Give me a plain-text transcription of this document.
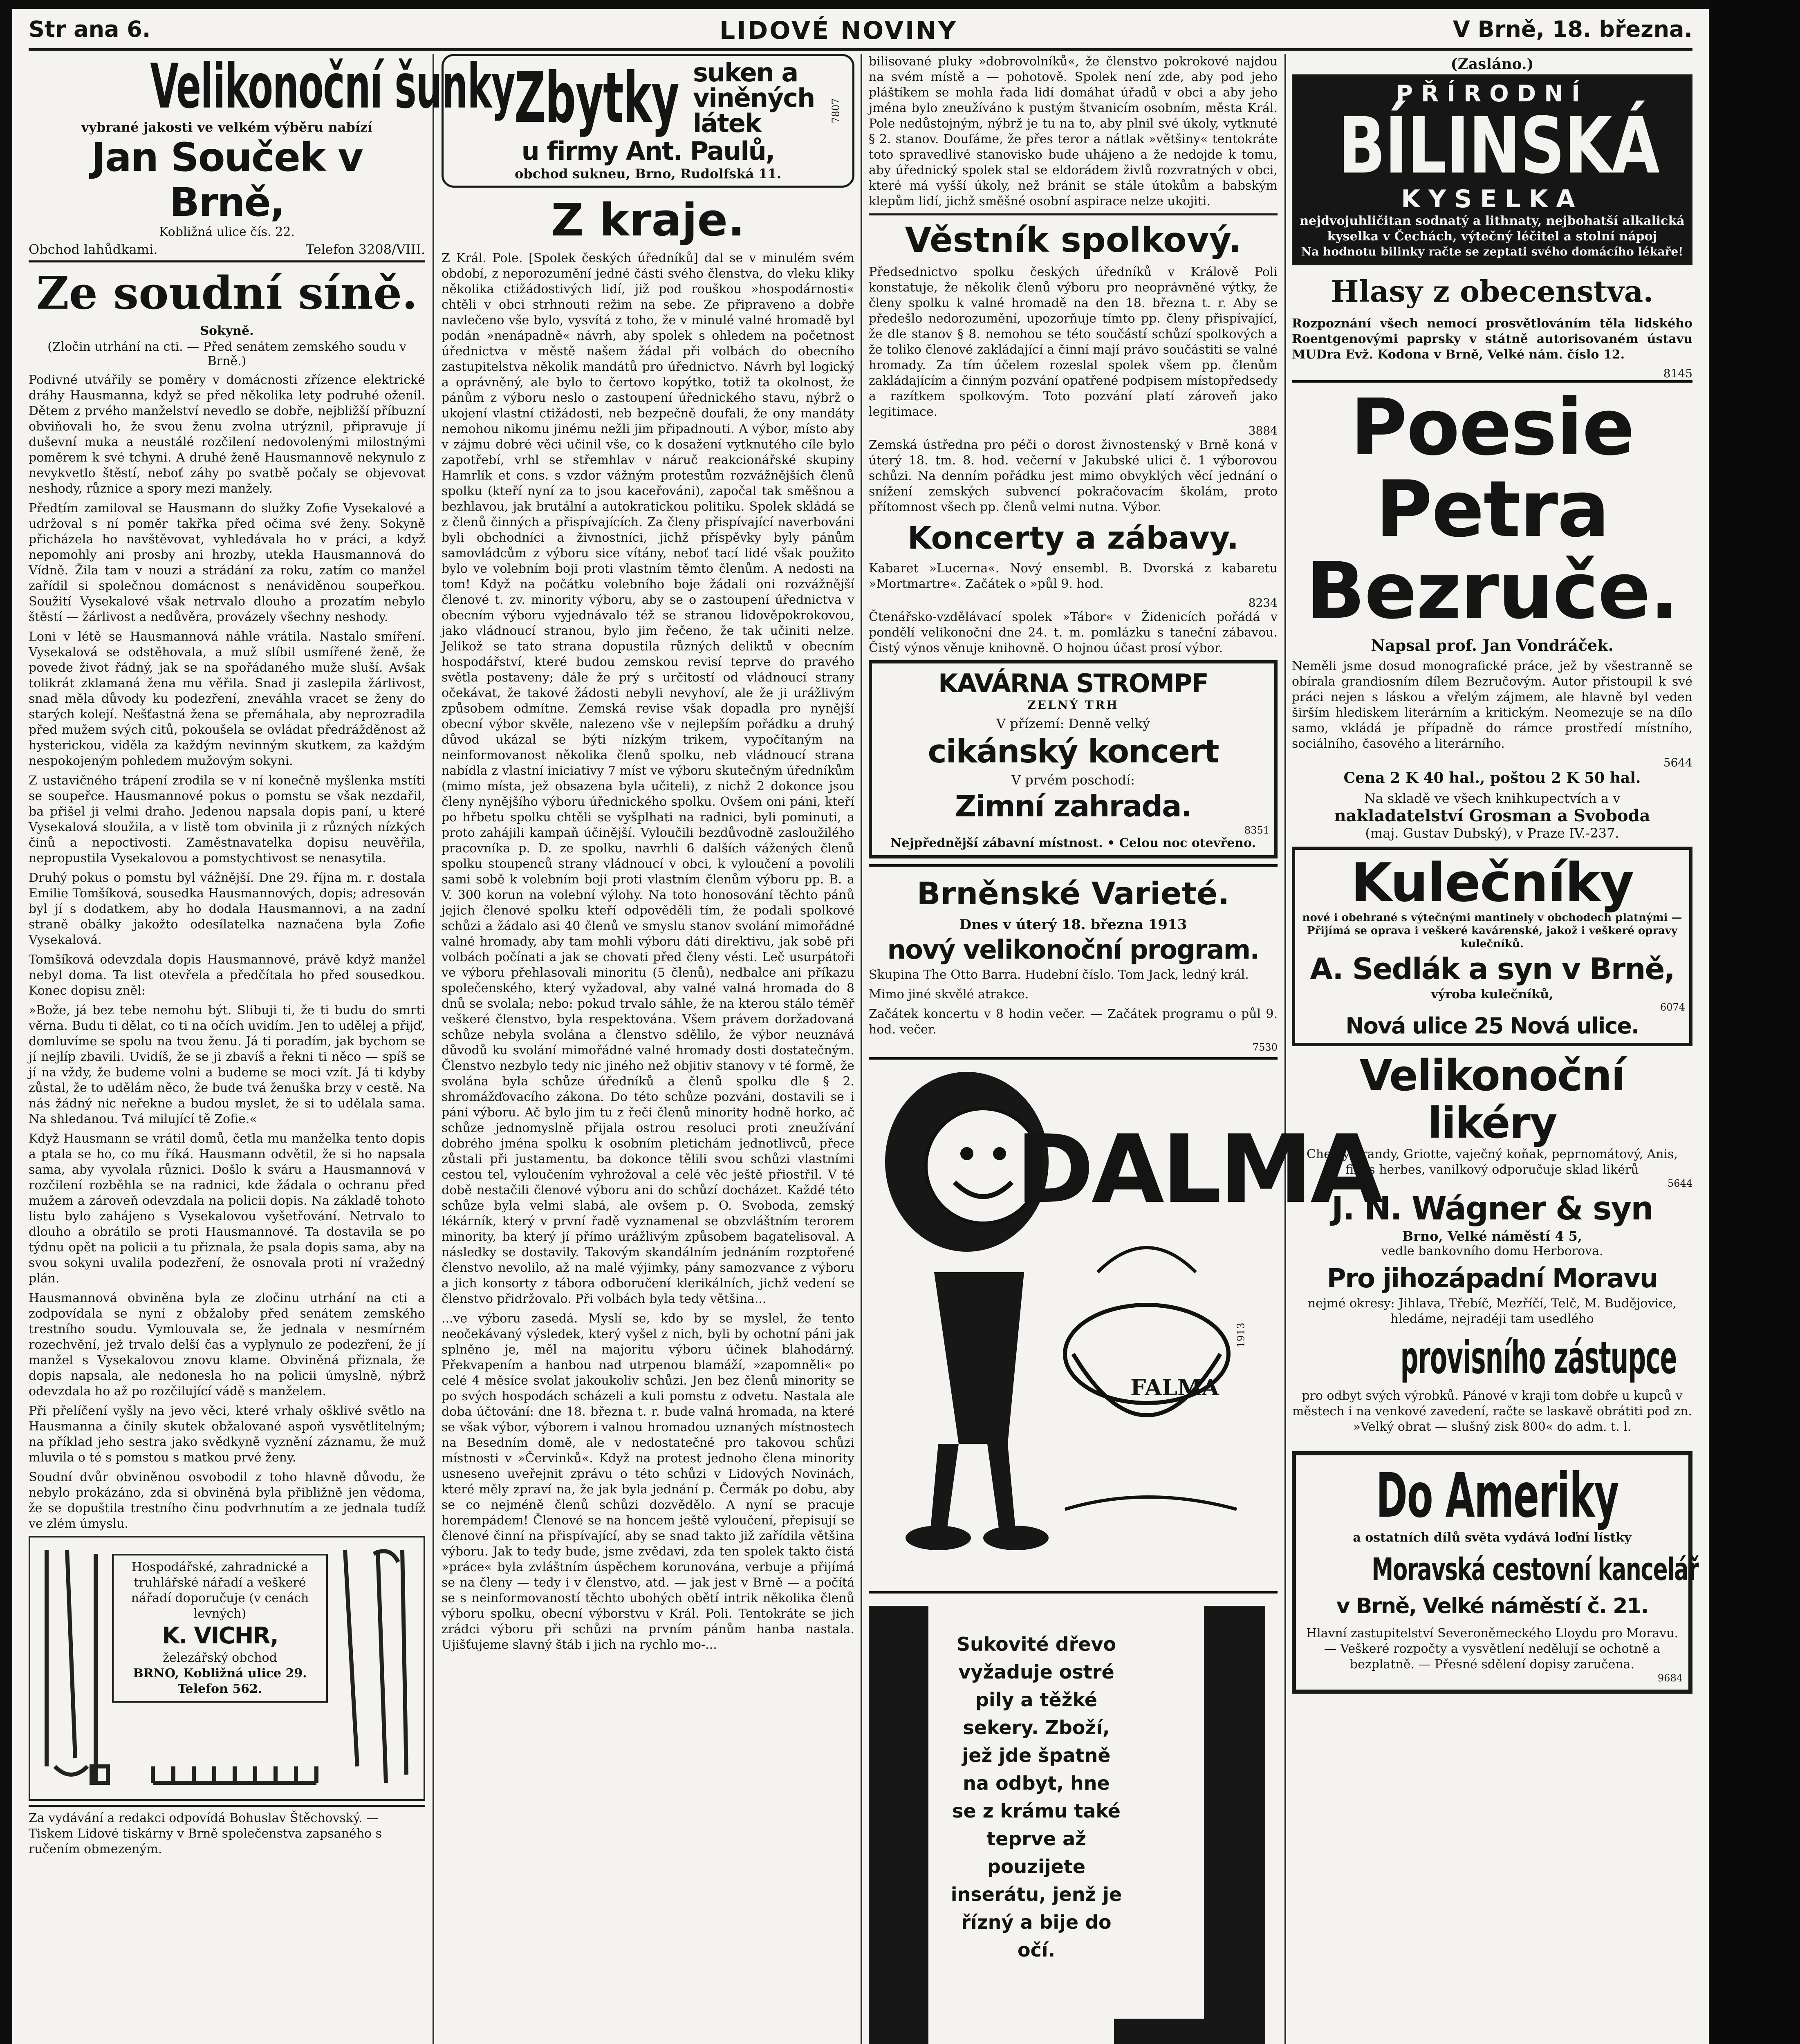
Str ana 6.	LIDOVÉ NOVINY	V Brně, 18. března.
Velikonoční šunky
vybrané jakosti ve velkém výběru nabízí
Jan Souček v Brně,
Kobližná ulice čís. 22.
Obchod lahůdkami.	Telefon 3208/VIII.
Ze soudní síně.
Sokyně.
(Zločin utrhání na cti. — Před senátem zemského soudu v Brně.)

Podivné utvářily se poměry v domácnosti zřízence elektrické dráhy Hausmanna, když se před několika lety podruhé oženil. Dětem z prvého manželství nevedlo se dobře, nejbližší příbuzní obviňovali ho, že svou ženu zvolna utrýznil, připravuje jí duševní muka a neustálé rozčilení nedovolenými milostnými poměrem k své tchyni. A druhé ženě Hausmannově nekynulo z nevykvetlo štěstí, neboť záhy po svatbě počaly se objevovat neshody, různice a spory mezi manžely.

Předtím zamiloval se Hausmann do služky Zofie Vysekalové a udržoval s ní poměr takřka před očima své ženy. Sokyně přicházela ho navštěvovat, vyhledávala ho v práci, a když nepomohly ani prosby ani hrozby, utekla Hausmannová do Vídně. Žila tam v nouzi a strádání za roku, zatím co manžel zařídil si společnou domácnost s nenáviděnou soupeřkou. Soužití Vysekalové však netrvalo dlouho a prozatím nebylo štěstí — žárlivost a nedůvěra, provázely všechny neshody.

Loni v létě se Hausmannová náhle vrátila. Nastalo smíření. Vysekalová se odstěhovala, a muž slíbil usmířené ženě, že povede život řádný, jak se na spořádaného muže sluší. Avšak tolikrát zklamaná žena mu věřila. Snad ji zaslepila žárlivost, snad měla důvody ku podezření, zneváhla vracet se ženy do starých kolejí. Nešťastná žena se přemáhala, aby neprozradila před mužem svých citů, pokoušela se ovládat předrážděnost až hysterickou, viděla za každým nevinným skutkem, za každým nespokojeným pohledem mužovým sokyni.

Z ustavičného trápení zrodila se v ní konečně myšlenka mstíti se soupeřce. Hausmannové pokus o pomstu se však nezdařil, ba přišel ji velmi draho. Jedenou napsala dopis paní, u které Vysekalová sloužila, a v listě tom obvinila ji z různých nízkých činů a nepoctivosti. Zaměstnavatelka dopisu neuvěřila, nepropustila Vysekalovou a pomstychtivost se nenasytila.

Druhý pokus o pomstu byl vážnější. Dne 29. října m. r. dostala Emilie Tomšíková, sousedka Hausmannových, dopis; adresován byl jí s dodatkem, aby ho dodala Hausmannovi, a na zadní straně obálky jakožto odesílatelka naznačena byla Zofie Vysekalová.

Tomšíková odevzdala dopis Hausmannové, právě když manžel nebyl doma. Ta list otevřela a předčítala ho před sousedkou. Konec dopisu zněl:

»Bože, já bez tebe nemohu být. Slibuji ti, že ti budu do smrti věrna. Budu ti dělat, co ti na očích uvidím. Jen to udělej a přijď, domluvíme se spolu na tvou ženu. Já ti poradím, jak bychom se jí nejlíp zbavili. Uvidíš, že se ji zbavíš a řekni ti něco — spíš se jí na vždy, že budeme volni a budeme se moci vzít. Já ti kdyby zůstal, že to udělám něco, že bude tvá ženuška brzy v cestě. Na nás žádný nic neřekne a budou myslet, že si to udělala sama. Na shledanou. Tvá milující tě Zofie.«

Když Hausmann se vrátil domů, četla mu manželka tento dopis a ptala se ho, co mu říká. Hausmann odvětil, že si ho napsala sama, aby vyvolala různici. Došlo k sváru a Hausmannová v rozčilení rozběhla se na radnici, kde žádala o ochranu před mužem a zároveň odevzdala na policii dopis. Na základě tohoto listu bylo zahájeno s Vysekalovou vyšetřování. Netrvalo to dlouho a obrátilo se proti Hausmannové. Ta dostavila se po týdnu opět na policii a tu přiznala, že psala dopis sama, aby na svou sokyni uvalila podezření, že osnovala proti ní vražedný plán.

Hausmannová obviněna byla ze zločinu utrhání na cti a zodpovídala se nyní z obžaloby před senátem zemského trestního soudu. Vymlouvala se, že jednala v nesmírném rozechvění, jež trvalo delší čas a vyplynulo ze podezření, že jí manžel s Vysekalovou znovu klame. Obviněná přiznala, že dopis napsala, ale nedonesla ho na policii úmyslně, nýbrž odevzdala ho až po rozčilující vádě s manželem.

Při přelíčení vyšly na jevo věci, které vrhaly ošklivé světlo na Hausmanna a činily skutek obžalované aspoň vysvětlitelným; na příklad jeho sestra jako svědkyně vyznění záznamu, že muž mluvila o té s pomstou s matkou prvé ženy.

Soudní dvůr obviněnou osvobodil z toho hlavně důvodu, že nebylo prokázáno, zda si obviněná byla přibližně jen vědoma, že se dopuštila trestního činu podvrhnutím a ze jednala tudíž ve zlém úmyslu.

Hospodářské, zahradnické a truhlářské nářadí a veškeré nářadí doporučuje (v cenách levných)
K. VICHR,
železářský obchod
BRNO, Kobližná ulice 29.
Telefon 562.
Za vydávání a redakci odpovídá Bohuslav Štěchovský. — Tiskem Lidové tiskárny v Brně společenstva zapsaného s ručením obmezeným.
Zbytky suken a viněných látek
u firmy Ant. Paulů,
obchod sukneu, Brno, Rudolfská 11.
7807
Z kraje.

Z Král. Pole. [Spolek českých úředníků] dal se v minulém svém období, z neporozumění jedné části svého členstva, do vleku kliky několika ctižádostivých lidí, již pod rouškou »hospodárnosti« chtěli v obci strhnouti režim na sebe. Ze připraveno a dobře navlečeno vše bylo, vysvítá z toho, že v minulé valné hromadě byl podán »nenápadně« návrh, aby spolek s ohledem na početnost úřednictva v městě našem žádal při volbách do obecního zastupitelstva několik mandátů pro úřednictvo. Návrh byl logický a oprávněný, ale bylo to čertovo kopýtko, totiž ta okolnost, že pánům z výboru neslo o zastoupení úřednického stavu, nýbrž o ukojení vlastní ctižádosti, neb bezpečně doufali, že ony mandáty nemohou nikomu jinému nežli jim připadnouti. A výbor, místo aby v zájmu dobré věci učinil vše, co k dosažení vytknutého cíle bylo zapotřebí, vrhl se střemhlav v náruč reakcionářské skupiny Hamrlík et cons. s vzdor vážným protestům rozvážnějších členů spolku (kteří nyní za to jsou kaceřováni), započal tak směšnou a bezhlavou, jak brutální a autokratickou politiku. Spolek skládá se z členů činných a přispívajících. Za členy přispívající naverbováni byli obchodníci a živnostníci, jichž příspěvky byly pánům samovládcům z výboru sice vítány, neboť tací lidé však použito bylo ve volebním boji proti vlastním těmto členům. A nedosti na tom! Když na počátku volebního boje žádali oni rozvážnější členové t. zv. minority výboru, aby se o zastoupení úřednictva v obecním výboru vyjednávalo též se stranou lidověpokrokovou, jako vládnoucí stranou, bylo jim řečeno, že tak učiniti nelze. Jelikož se tato strana dopustila různých deliktů v obecním hospodářství, které budou zemskou revisí teprve do pravého světla postaveny; dále že prý s určitostí od vládnoucí strany očekávat, že takové žádosti nebyli nevyhoví, ale že ji urážlivým způsobem odmítne. Zemská revise však dopadla pro nynější obecní výbor skvěle, nalezeno vše v nejlepším pořádku a druhý důvod ukázal se býti nízkým trikem, vypočítaným na neinformovanost několika členů spolku, neb vládnoucí strana nabídla z vlastní iniciativy 7 míst ve výboru skutečným úředníkům (mimo místa, jež obsazena byla učiteli), z nichž 2 dokonce jsou členy nynějšího výboru úřednického spolku. Ovšem oni páni, kteří po hřbetu spolku chtěli se vyšplhati na radnici, byli pominuti, a proto zahájili kampaň účinější. Vyloučili bezdůvodně zasloužilého pracovníka p. D. ze spolku, navrhli 6 dalších vážených členů spolku stoupenců strany vládnoucí v obci, k vyloučení a povolili sami sobě k volebním boji proti vlastním členům výboru pp. B. a V. 300 korun na volební výlohy. Na toto honosování těchto pánů jejich členové spolku kteří odpověděli tím, že podali spolkové schůzi a žádalo asi 40 členů ve smyslu stanov svolání mimořádné valné hromady, aby tam mohli výboru dáti direktivu, jak sobě při volbách počínati a jak se chovati před členy vésti. Leč usurpátoři ve výboru přehlasovali minoritu (5 členů), nedbalce ani příkazu společenského, který vyžadoval, aby valné valná hromada do 8 dnů se svolala; nebo: pokud trvalo sáhle, že na kterou stálo téměř veškeré členstvo, byla respektována. Všem právem doržadovaná schůze nebyla svolána a členstvo sdělilo, že výbor neuznává důvodů ku svolání mimořádné valné hromady dosti dostatečným. Členstvo nezbylo tedy nic jiného než objitiv stanovy v té formě, že svolána byla schůze úředníků a členů spolku dle § 2. shromážďovacího zákona. Do této schůze pozváni, dostavili se i páni výboru. Ač bylo jim tu z řeči členů minority hodně horko, ač schůze jednomyslně přijala ostrou resoluci proti zneužívání dobrého jména spolku k osobním pletichám jednotlivců, přece zůstali při justamentu, ba dokonce tělili svou schůzi vlastními cestou tel, vyloučením vyhrožoval a celé věc ještě přiostřil. V té době nestačili členové výboru ani do schůzí docházet. Každé této schůze byla velmi slabá, ale ovšem p. O. Svoboda, zemský lékárník, který v první řadě vyznamenal se obzvláštním terorem minority, ba který jí přímo urážlivým způsobem bagatelisoval. A následky se dostavily. Takovým skandálním jednáním rozptořené členstvo nevolilo, až na malé výjimky, pány samozvance z výboru a jich konsorty z tábora odboručení klerikálních, jichž vedení se členstvo přidržovalo. Při volbách byla tedy většina...

...ve výboru zasedá. Myslí se, kdo by se myslel, že tento neočekávaný výsledek, který vyšel z nich, byli by ochotní páni jak splněno je, měl na majoritu výboru účinek blahodárný. Překvapením a hanbou nad utrpenou blamáží, »zapomněli« po celé 4 měsíce svolat jakoukoliv schůzi. Jen bez členů minority se po svých hospodách scházeli a kuli pomstu z odvetu. Nastala ale doba účtování: dne 18. března t. r. bude valná hromada, na které se však výbor, výborem i valnou hromadou uznaných místnostech na Besedním domě, ale v nedostatečné pro takovou schůzi místnosti v »Červinků«. Když na protest jednoho člena minority usneseno uveřejnit zprávu o této schůzi v Lidových Novinách, které měly zpraví na, že jak byla jednání p. Čermák po dobu, aby se co nejméně členů schůzi dozvědělo. A nyní se pracuje horempádem! Členové se na honcem ještě vyloučení, přepisují se členové činní na přispívající, aby se snad takto již zařídila většina výboru. Jak to tedy bude, jsme zvědavi, zda ten spolek takto čistá »práce« byla zvláštním úspěchem korunována, verbuje a přijímá se na členy — tedy i v členstvo, atd. — jak jest v Brně — a počítá se s neinformovaností těchto ubohých obětí intrik několika členů výboru spolku, obecní výborstvu v Král. Poli. Tentokráte se jich zrádci výboru při schůzi na prvním pánům hanba nastala. Ujišťujeme slavný štáb i jich na rychlo mo-...

bilisované pluky »dobrovolníků«, že členstvo pokrokové najdou na svém místě a — pohotově. Spolek není zde, aby pod jeho pláštíkem se mohla řada lidí domáhat úřadů v obci a aby jeho jména bylo zneužíváno k pustým štvanicím osobním, města Král. Pole nedůstojným, nýbrž je tu na to, aby plnil své úkoly, vytknuté § 2. stanov. Doufáme, že přes teror a nátlak »většiny« tentokráte toto spravedlivé stanovisko bude uhájeno a že nedojde k tomu, aby úřednický spolek stal se eldorádem živlů rozvratných v obci, které má vyšší úkoly, než bránit se stále útokům a babským klepům lidí, jichž směšné osobní aspirace nelze ukojiti.

Věstník spolkový.

Předsednictvo spolku českých úředníků v Králově Poli konstatuje, že několik členů výboru pro neoprávněné výtky, že členy spolku k valné hromadě na den 18. března t. r. Aby se předešlo nedorozumění, upozorňuje tímto pp. členy přispívající, že dle stanov § 8. nemohou se této součástí schůzí spolkových a že toliko členové zakládající a činní mají právo součástiti se valné hromady. Za tím účelem rozeslal spolek všem pp. členům zakládajícím a činným pozvání opatřené podpisem místopředsedy a razítkem spolkovým. Toto pozvání platí zároveň jako legitimace.

3884

Zemská ústředna pro péči o dorost živnostenský v Brně koná v úterý 18. tm. 8. hod. večerní v Jakubské ulici č. 1 výborovou schůzi. Na denním pořádku jest mimo obvyklých věcí jednání o snížení zemských subvencí pokračovacím školám, proto přítomnost všech pp. členů velmi nutna. Výbor.

Koncerty a zábavy.

Kabaret »Lucerna«. Nový ensembl. B. Dvorská z kabaretu »Mortmartre«. Začátek o »půl 9. hod.

8234

Čtenářsko-vzdělávací spolek »Tábor« v Židenicích pořádá v pondělí velikonoční dne 24. t. m. pomlázku s taneční zábavou. Čistý výnos věnuje knihovně. O hojnou účast prosí výbor.

KAVÁRNA STROMPF
ZELNÝ TRH
V přízemí: Denně velký
cikánský koncert
V prvém poschodí:
Zimní zahrada.
8351
Nejpřednější zábavní místnost. • Celou noc otevřeno.
Brněnské Varieté.
Dnes v úterý 18. března 1913
nový velikonoční program.
Skupina The Otto Barra. Hudební číslo. Tom Jack, ledný král.
Mimo jiné skvělé atrakce.
Začátek koncertu v 8 hodin večer. — Začátek programu o půl 9. hod. večer.
7530
DALMA
FALMA
1913
Sukovité dřevo vyžaduje ostré pily a těžké sekery. Zboží, jež jde špatně na odbyt, hne se z krámu také teprve až pouzijete inserátu, jenž je řízný a bije do očí.
(Zasláno.)
PŘÍRODNÍ
BÍLINSKÁ
KYSELKA
nejdvojuhličitan sodnatý a lithnaty, nejbohatší alkalická kyselka v Čechách, výtečný léčitel a stolní nápoj
Na hodnotu bilinky račte se zeptati svého domácího lékaře!
Hlasy z obecenstva.

Rozpoznání všech nemocí prosvětlováním těla lidského Roentgenovými paprsky v státně autorisovaném ústavu MUDra Evž. Kodona v Brně, Velké nám. číslo 12.

8145
Poesie
Petra
Bezruče.
Napsal prof. Jan Vondráček.

Neměli jsme dosud monografické práce, jež by všestranně se obírala grandiosním dílem Bezručovým. Autor přistoupil k své práci nejen s láskou a vřelým zájmem, ale hlavně byl veden širším hlediskem literárním a kritickým. Neomezuje se na dílo samo, vkládá je případně do rámce prostředí místního, sociálního, časového a literárního.

5644
Cena 2 K 40 hal., poštou 2 K 50 hal.
Na skladě ve všech knihkupectvích a v
nakladatelství Grosman a Svoboda
(maj. Gustav Dubský), v Praze IV.-237.
Kulečníky
nové i obehrané s výtečnými mantinely v obchodech platnými — Přijímá se oprava i veškeré kavárenské, jakož i veškeré opravy kulečníků.
A. Sedlák a syn v Brně,
výroba kulečníků,
6074
Nová ulice 25 Nová ulice.
Velikonoční
likéry
Cherry brandy, Griotte, vaječný koňak, peprnomátový, Anis, fines herbes, vanilkový odporučuje sklad likérů
5644
J. N. Wágner & syn
Brno, Velké náměstí 4 5,
vedle bankovního domu Herborova.
Pro jihozápadní Moravu
nejmé okresy: Jihlava, Třebíč, Mezříčí, Telč, M. Budějovice, hledáme, nejradéji tam usedlého
provisního zástupce
pro odbyt svých výrobků. Pánové v kraji tom dobře u kupců v městech i na venkové zavedení, račte se laskavě obrátiti pod zn. »Velký obrat — slušný zisk 800« do adm. t. l.
Do Ameriky
a ostatních dílů světa vydává loďní lístky
Moravská cestovní kancelář
v Brně, Velké náměstí č. 21.
Hlavní zastupitelství Severoněmeckého Lloydu pro Moravu. — Veškeré rozpočty a vysvětlení nedělují se ochotně a bezplatně. — Přesné sdělení dopisy zaručena.
9684
